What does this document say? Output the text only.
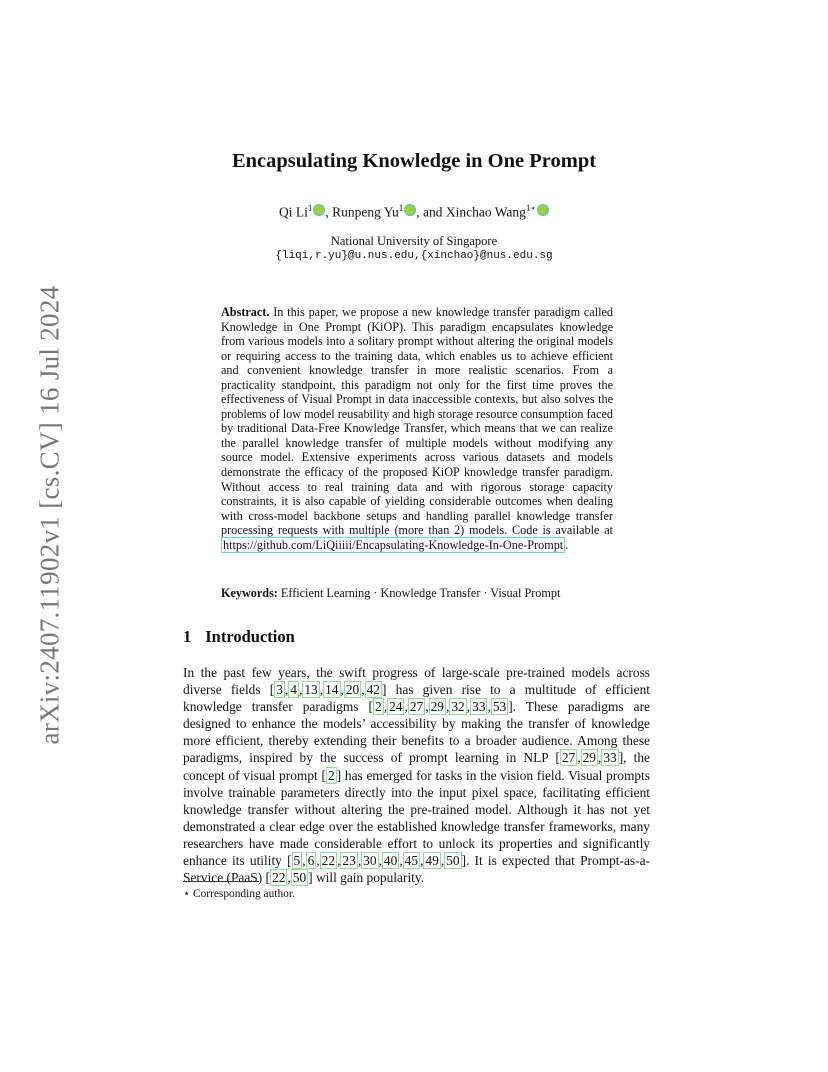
arXiv:2407.11902v1 [cs.CV] 16 Jul 2024
Encapsulating Knowledge in One Prompt
Qi Li$^1$ , Runpeng Yu$^1$ , and Xinchao Wang$^{1⋆}$
National University of Singapore
{liqi,r.yu}@u.nus.edu,{xinchao}@nus.edu.sg
Abstract. In this paper, we propose a new knowledge transfer paradigm called Knowledge in One Prompt (KiOP). This paradigm encapsulates knowledge from various models into a solitary prompt without altering the original models or requiring access to the training data, which enables us to achieve efficient and convenient knowledge transfer in more realistic scenarios. From a practicality standpoint, this paradigm not only for the first time proves the effectiveness of Visual Prompt in data inaccessible contexts, but also solves the problems of low model reusability and high storage resource consumption faced by traditional Data-Free Knowledge Transfer, which means that we can realize the parallel knowledge transfer of multiple models without modifying any source model. Extensive experiments across various datasets and models demonstrate the efficacy of the proposed KiOP knowledge transfer paradigm. Without access to real training data and with rigorous storage capacity constraints, it is also capable of yielding considerable outcomes when dealing with cross-model backbone setups and handling parallel knowledge transfer processing requests with multiple (more than 2) models. Code is available at https://github.com/LiQiiiii/Encapsulating-Knowledge-In-One-Prompt .
Keywords: Efficient Learning · Knowledge Transfer · Visual Prompt
1 Introduction
In the past few years, the swift progress of large-scale pre-trained models across diverse fields [ 3 , 4 , 13 , 14 , 20 , 42 ] has given rise to a multitude of efficient knowledge transfer paradigms [ 2 , 24 , 27 , 29 , 32 , 33 , 53 ]. These paradigms are designed to enhance the models’ accessibility by making the transfer of knowledge more efficient, thereby extending their benefits to a broader audience. Among these paradigms, inspired by the success of prompt learning in NLP [ 27 , 29 , 33 ], the concept of visual prompt [ 2 ] has emerged for tasks in the vision field. Visual prompts involve trainable parameters directly into the input pixel space, facilitating efficient knowledge transfer without altering the pre-trained model. Although it has not yet demonstrated a clear edge over the established knowledge transfer frameworks, many researchers have made considerable effort to unlock its properties and significantly enhance its utility [ 5 , 6 , 22 , 23 , 30 , 40 , 45 , 49 , 50 ]. It is expected that Prompt-as-a-Service (PaaS) [ 22 , 50 ] will gain popularity.
⋆ Corresponding author.
